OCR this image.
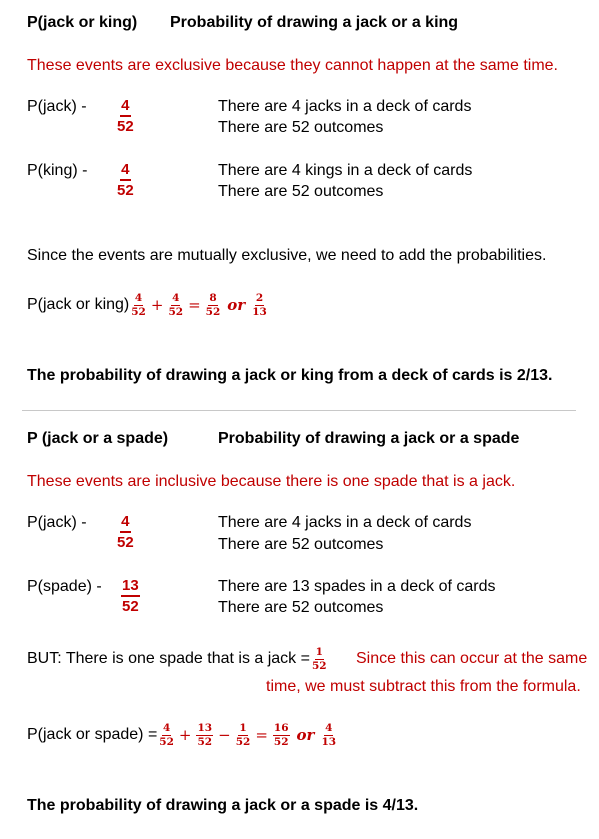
P(jack or king) Probability of drawing a jack or a king
These events are exclusive because they cannot happen at the same time.
P(jack) - $\frac{4}{52}$	There are 4 jacks in a deck of cards
There are 52 outcomes
P(king) - $\frac{4}{52}$	There are 4 kings in a deck of cards
There are 52 outcomes
Since the events are mutually exclusive, we need to add the probabilities.
P(jack or king) $\frac{4}{52} + \frac{4}{52} = \frac{8}{52}$ or $\frac{2}{13}$
The probability of drawing a jack or king from a deck of cards is 2/13.
P (jack or a spade)	Probability of drawing a jack or a spade
These events are inclusive because there is one spade that is a jack.
P(jack) - $\frac{4}{52}$	There are 4 jacks in a deck of cards
There are 52 outcomes
P(spade) - $\frac{13}{52}$	There are 13 spades in a deck of cards
There are 52 outcomes
BUT: There is one spade that is a jack = $\frac{1}{52}$ Since this can occur at the same
time, we must subtract this from the formula.
P(jack or spade) = $\frac{4}{52} + \frac{13}{52} - \frac{1}{52} = \frac{16}{52}$ or $\frac{4}{13}$
The probability of drawing a jack or a spade is 4/13.
